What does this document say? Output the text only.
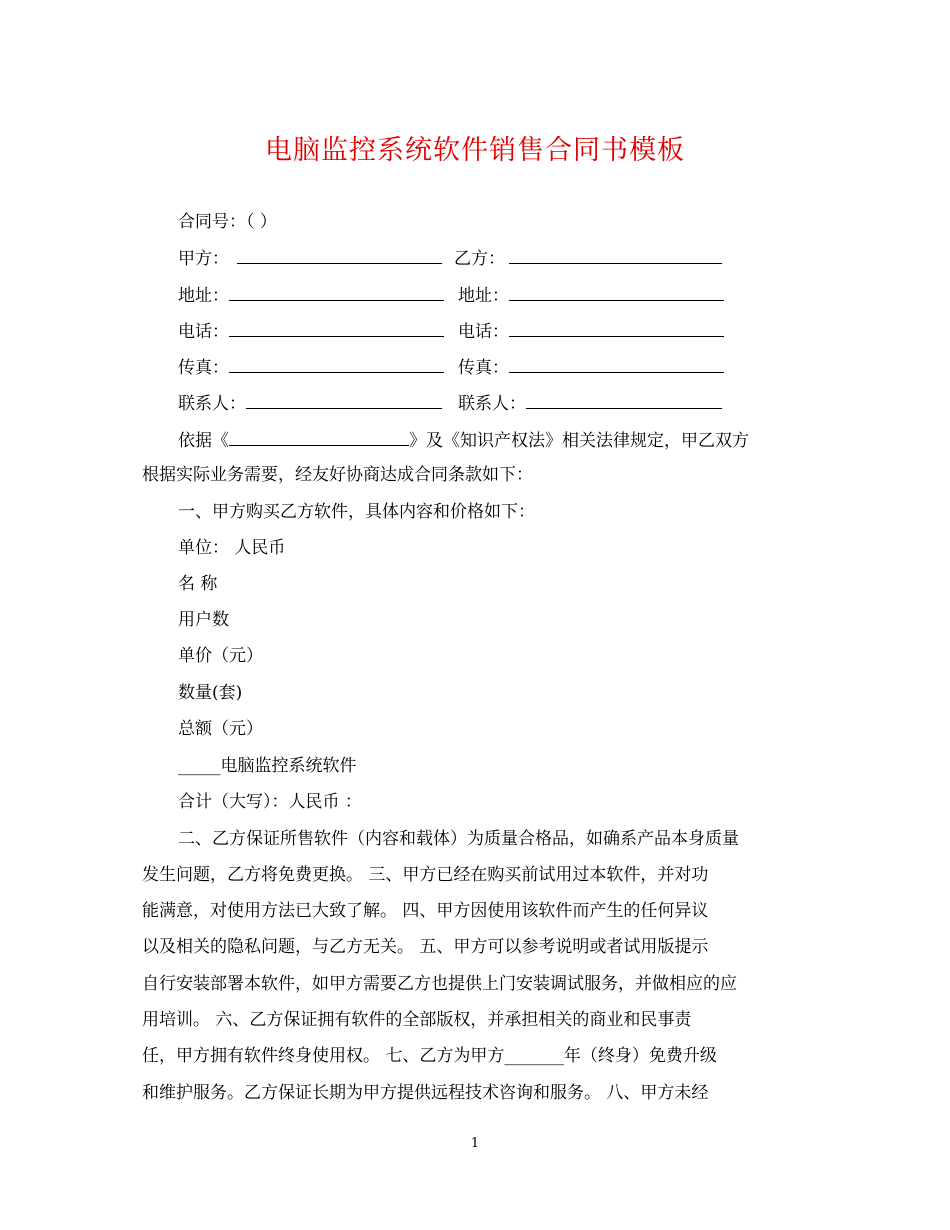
电脑监控系统软件销售合同书模板
合同号：（ ）
甲方：	乙方：
地址：	地址：
电话：	电话：
传真：	传真：
联系人：	联系人：
依据《	》及《知识产权法》相关法律规定，甲乙双方
根据实际业务需要，经友好协商达成合同条款如下：
一、甲方购买乙方软件，具体内容和价格如下：
单位： 人民币
名 称
用户数
单价（元）
数量(套)
总额（元）
_____电脑监控系统软件
合计（大写）：人民币 ：
二、乙方保证所售软件（内容和载体）为质量合格品，如确系产品本身质量
发生问题，乙方将免费更换。 三、甲方已经在购买前试用过本软件，并对功
能满意，对使用方法已大致了解。 四、甲方因使用该软件而产生的任何异议
以及相关的隐私问题，与乙方无关。 五、甲方可以参考说明或者试用版提示
自行安装部署本软件，如甲方需要乙方也提供上门安装调试服务，并做相应的应
用培训。 六、乙方保证拥有软件的全部版权，并承担相关的商业和民事责
任，甲方拥有软件终身使用权。 七、乙方为甲方_______年（终身）免费升级
和维护服务。乙方保证长期为甲方提供远程技术咨询和服务。 八、甲方未经
1
